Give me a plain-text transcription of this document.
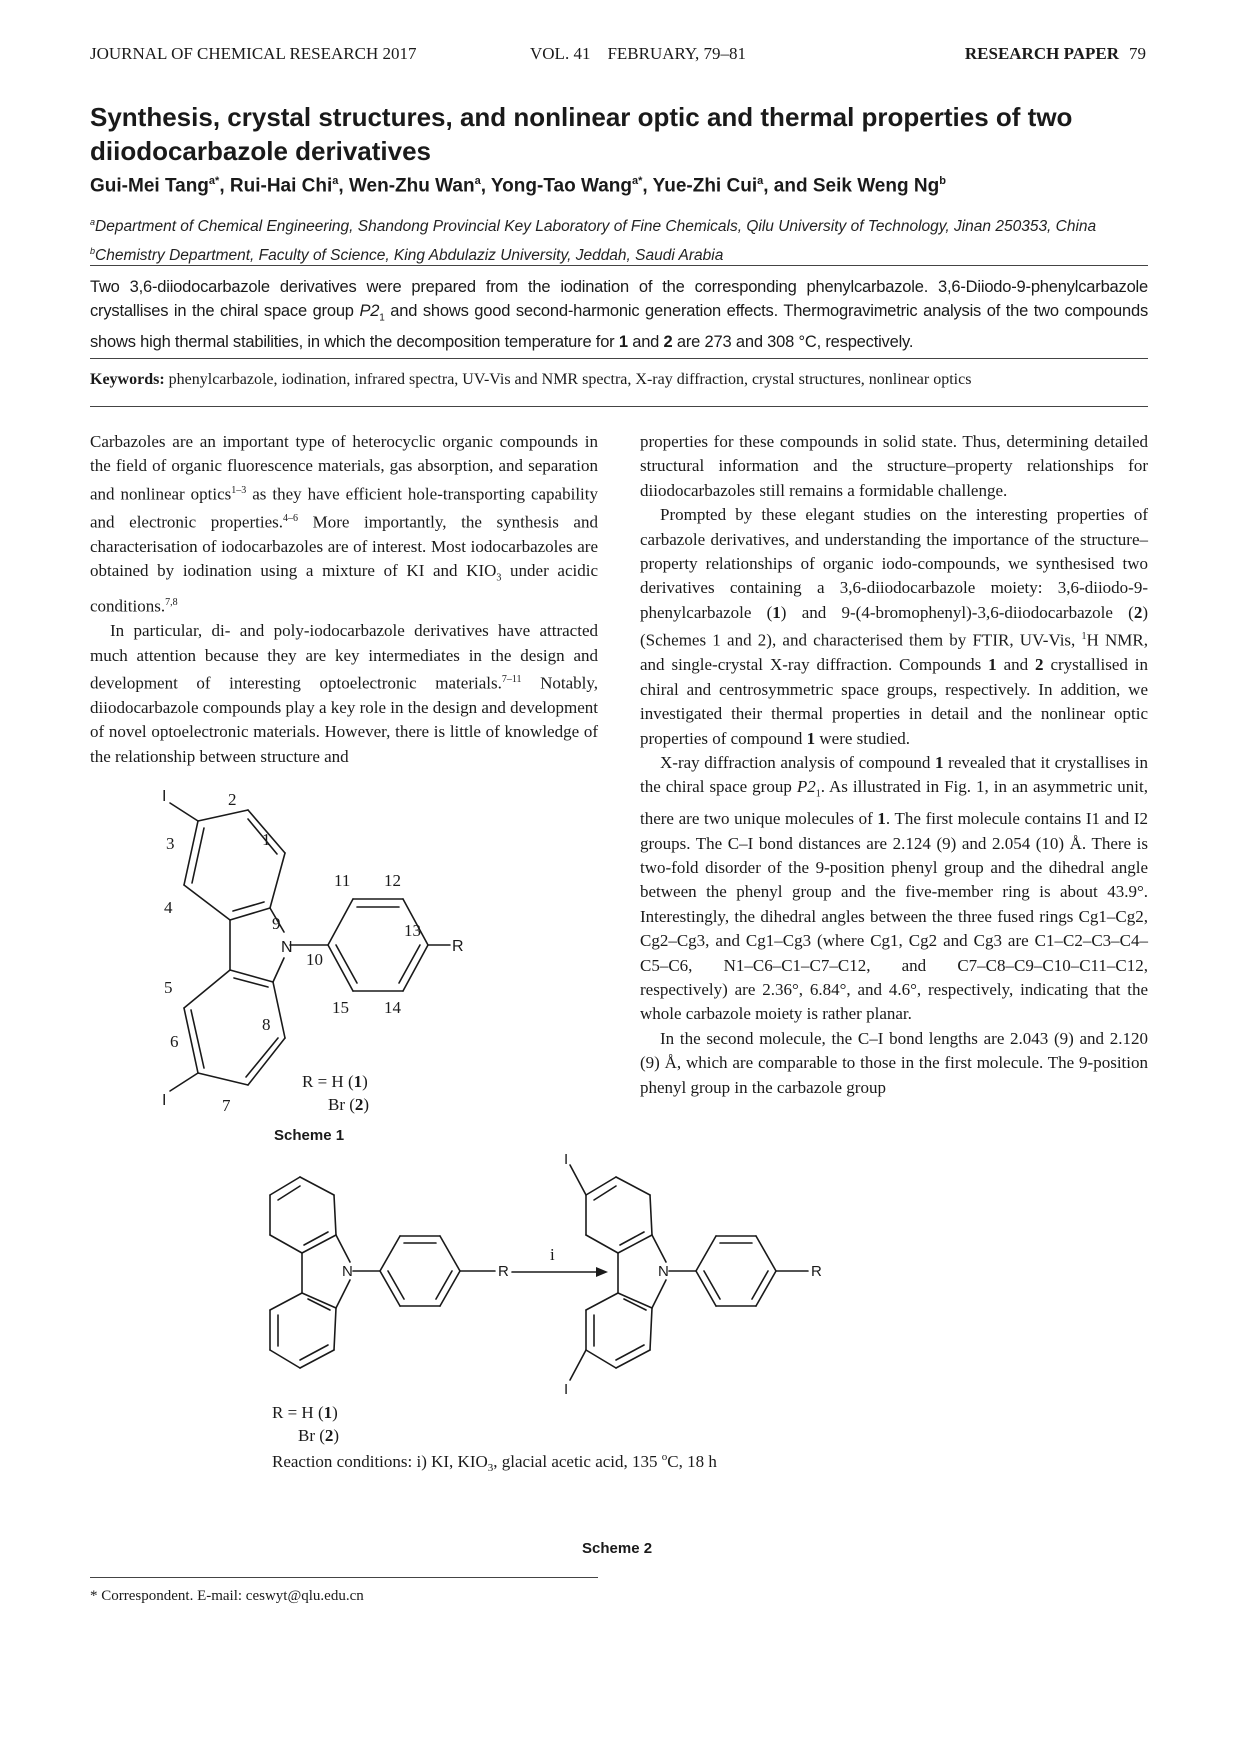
JOURNAL OF CHEMICAL RESEARCH 2017	VOL. 41 FEBRUARY, 79–81	RESEARCH PAPER 79
Synthesis, crystal structures, and nonlinear optic and thermal properties of two diiodocarbazole derivatives
Gui-Mei Tang$^{a*}$, Rui-Hai Chi$^a$, Wen-Zhu Wan$^a$, Yong-Tao Wang$^{a*}$, Yue-Zhi Cui$^a$, and Seik Weng Ng$^b$
$^a$Department of Chemical Engineering, Shandong Provincial Key Laboratory of Fine Chemicals, Qilu University of Technology, Jinan 250353, China
$^b$Chemistry Department, Faculty of Science, King Abdulaziz University, Jeddah, Saudi Arabia

Two 3,6-diiodocarbazole derivatives were prepared from the iodination of the corresponding phenylcarbazole. 3,6-Diiodo-9-phenylcarbazole crystallises in the chiral space group $P2_1$ and shows good second-harmonic generation effects. Thermogravimetric analysis of the two compounds shows high thermal stabilities, in which the decomposition temperature for 1 and 2 are 273 and 308 °C, respectively.

Keywords: phenylcarbazole, iodination, infrared spectra, UV-Vis and NMR spectra, X-ray diffraction, crystal structures, nonlinear optics

Carbazoles are an important type of heterocyclic organic compounds in the field of organic fluorescence materials, gas absorption, and separation and nonlinear optics$^{1-3}$ as they have efficient hole-transporting capability and electronic properties.$^{4-6}$ More importantly, the synthesis and characterisation of iodocarbazoles are of interest. Most iodocarbazoles are obtained by iodination using a mixture of KI and $KIO_3$ under acidic conditions.$^{7,8}$

In particular, di- and poly-iodocarbazole derivatives have attracted much attention because they are key intermediates in the design and development of interesting optoelectronic materials.$^{7-11}$ Notably, diiodocarbazole compounds play a key role in the design and development of novel optoelectronic materials. However, there is little of knowledge of the relationship between structure and

properties for these compounds in solid state. Thus, determining detailed structural information and the structure–property relationships for diiodocarbazoles still remains a formidable challenge.

Prompted by these elegant studies on the interesting properties of carbazole derivatives, and understanding the importance of the structure–property relationships of organic iodo-compounds, we synthesised two derivatives containing a 3,6-diiodocarbazole moiety: 3,6-diiodo-9-phenylcarbazole (1) and 9-(4-bromophenyl)-3,6-diiodocarbazole (2) (Schemes 1 and 2), and characterised them by FTIR, UV-Vis, $^1$H NMR, and single-crystal X-ray diffraction. Compounds 1 and 2 crystallised in chiral and centrosymmetric space groups, respectively. In addition, we investigated their thermal properties in detail and the nonlinear optic properties of compound 1 were studied.

X-ray diffraction analysis of compound 1 revealed that it crystallises in the chiral space group $P2_1$. As illustrated in Fig. 1, in an asymmetric unit, there are two unique molecules of 1. The first molecule contains I1 and I2 groups. The C–I bond distances are 2.124 (9) and 2.054 (10) Å. There is two-fold disorder of the 9-position phenyl group and the dihedral angle between the phenyl group and the five-member ring is about 43.9°. Interestingly, the dihedral angles between the three fused rings Cg1–Cg2, Cg2–Cg3, and Cg1–Cg3 (where Cg1, Cg2 and Cg3 are C1–C2–C3–C4–C5–C6, N1–C6–C1–C7–C12, and C7–C8–C9–C10–C11–C12, respectively) are 2.36°, 6.84°, and 4.6°, respectively, indicating that the whole carbazole moiety is rather planar.

In the second molecule, the C–I bond lengths are 2.043 (9) and 2.120 (9) Å, which are comparable to those in the first molecule. The 9-position phenyl group in the carbazole group

I
I
N	R
2
1
3
4
9
5
6
8
7
11 12
13
10
15 14
R = H (1)
Br (2)
Scheme 1
N	R	N	R
I
I
i
R = H (1)
Br (2)
Reaction conditions: i) KI, $KIO_3$, glacial acetic acid, 135 $^o$C, 18 h
Scheme 2
* Correspondent. E-mail: ceswyt@qlu.edu.cn
